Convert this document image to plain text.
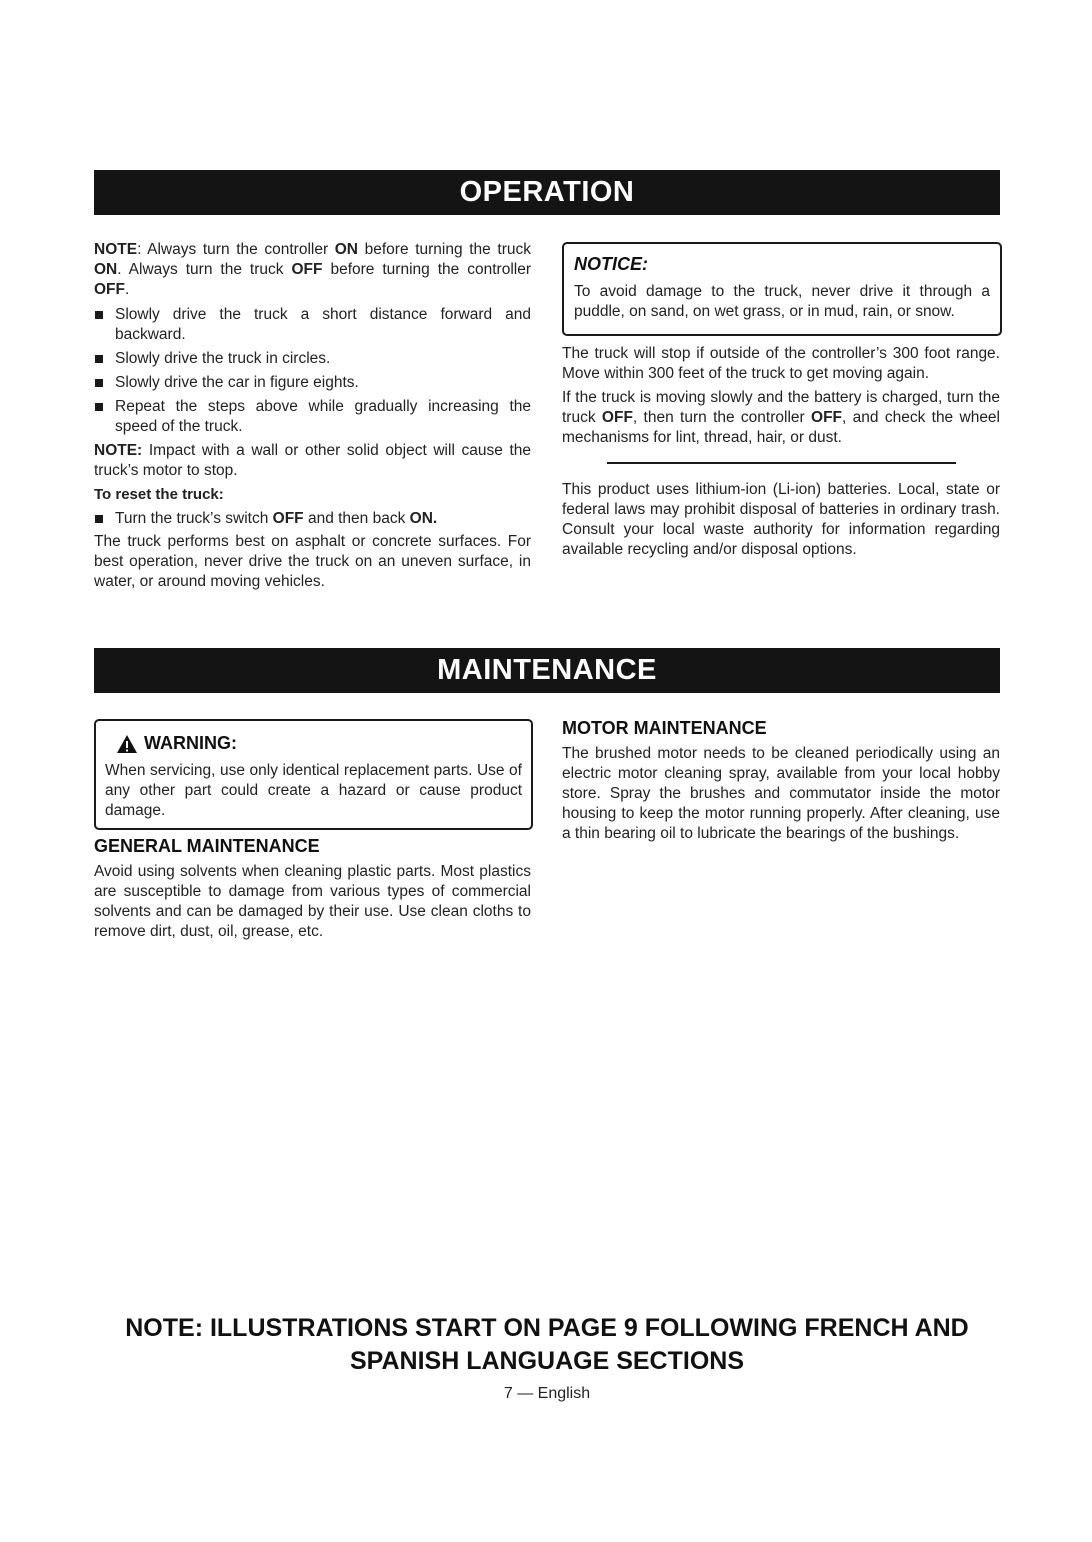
OPERATION

NOTE: Always turn the controller ON before turning the truck ON. Always turn the truck OFF before turning the controller OFF.

Slowly drive the truck a short distance forward and backward.
Slowly drive the truck in circles.
Slowly drive the car in figure eights.
Repeat the steps above while gradually increasing the speed of the truck.

NOTE: Impact with a wall or other solid object will cause the truck’s motor to stop.

To reset the truck:

Turn the truck’s switch OFF and then back ON.

The truck performs best on asphalt or concrete surfaces. For best operation, never drive the truck on an uneven surface, in water, or around moving vehicles.

NOTICE:
To avoid damage to the truck, never drive it through a puddle, on sand, on wet grass, or in mud, rain, or snow.

The truck will stop if outside of the controller’s 300 foot range. Move within 300 feet of the truck to get moving again.

If the truck is moving slowly and the battery is charged, turn the truck OFF, then turn the controller OFF, and check the wheel mechanisms for lint, thread, hair, or dust.

This product uses lithium-ion (Li-ion) batteries. Local, state or federal laws may prohibit disposal of batteries in ordinary trash. Consult your local waste authority for information regarding available recycling and/or disposal options.

MAINTENANCE
WARNING:
When servicing, use only identical replacement parts. Use of any other part could create a hazard or cause product damage.

GENERAL MAINTENANCE

Avoid using solvents when cleaning plastic parts. Most plastics are susceptible to damage from various types of commercial solvents and can be damaged by their use. Use clean cloths to remove dirt, dust, oil, grease, etc.

MOTOR MAINTENANCE

The brushed motor needs to be cleaned periodically using an electric motor cleaning spray, available from your local hobby store. Spray the brushes and commutator inside the motor housing to keep the motor running properly. After cleaning, use a thin bearing oil to lubricate the bearings of the bushings.

NOTE: ILLUSTRATIONS START ON PAGE 9 FOLLOWING FRENCH AND
SPANISH LANGUAGE SECTIONS
7 — English
